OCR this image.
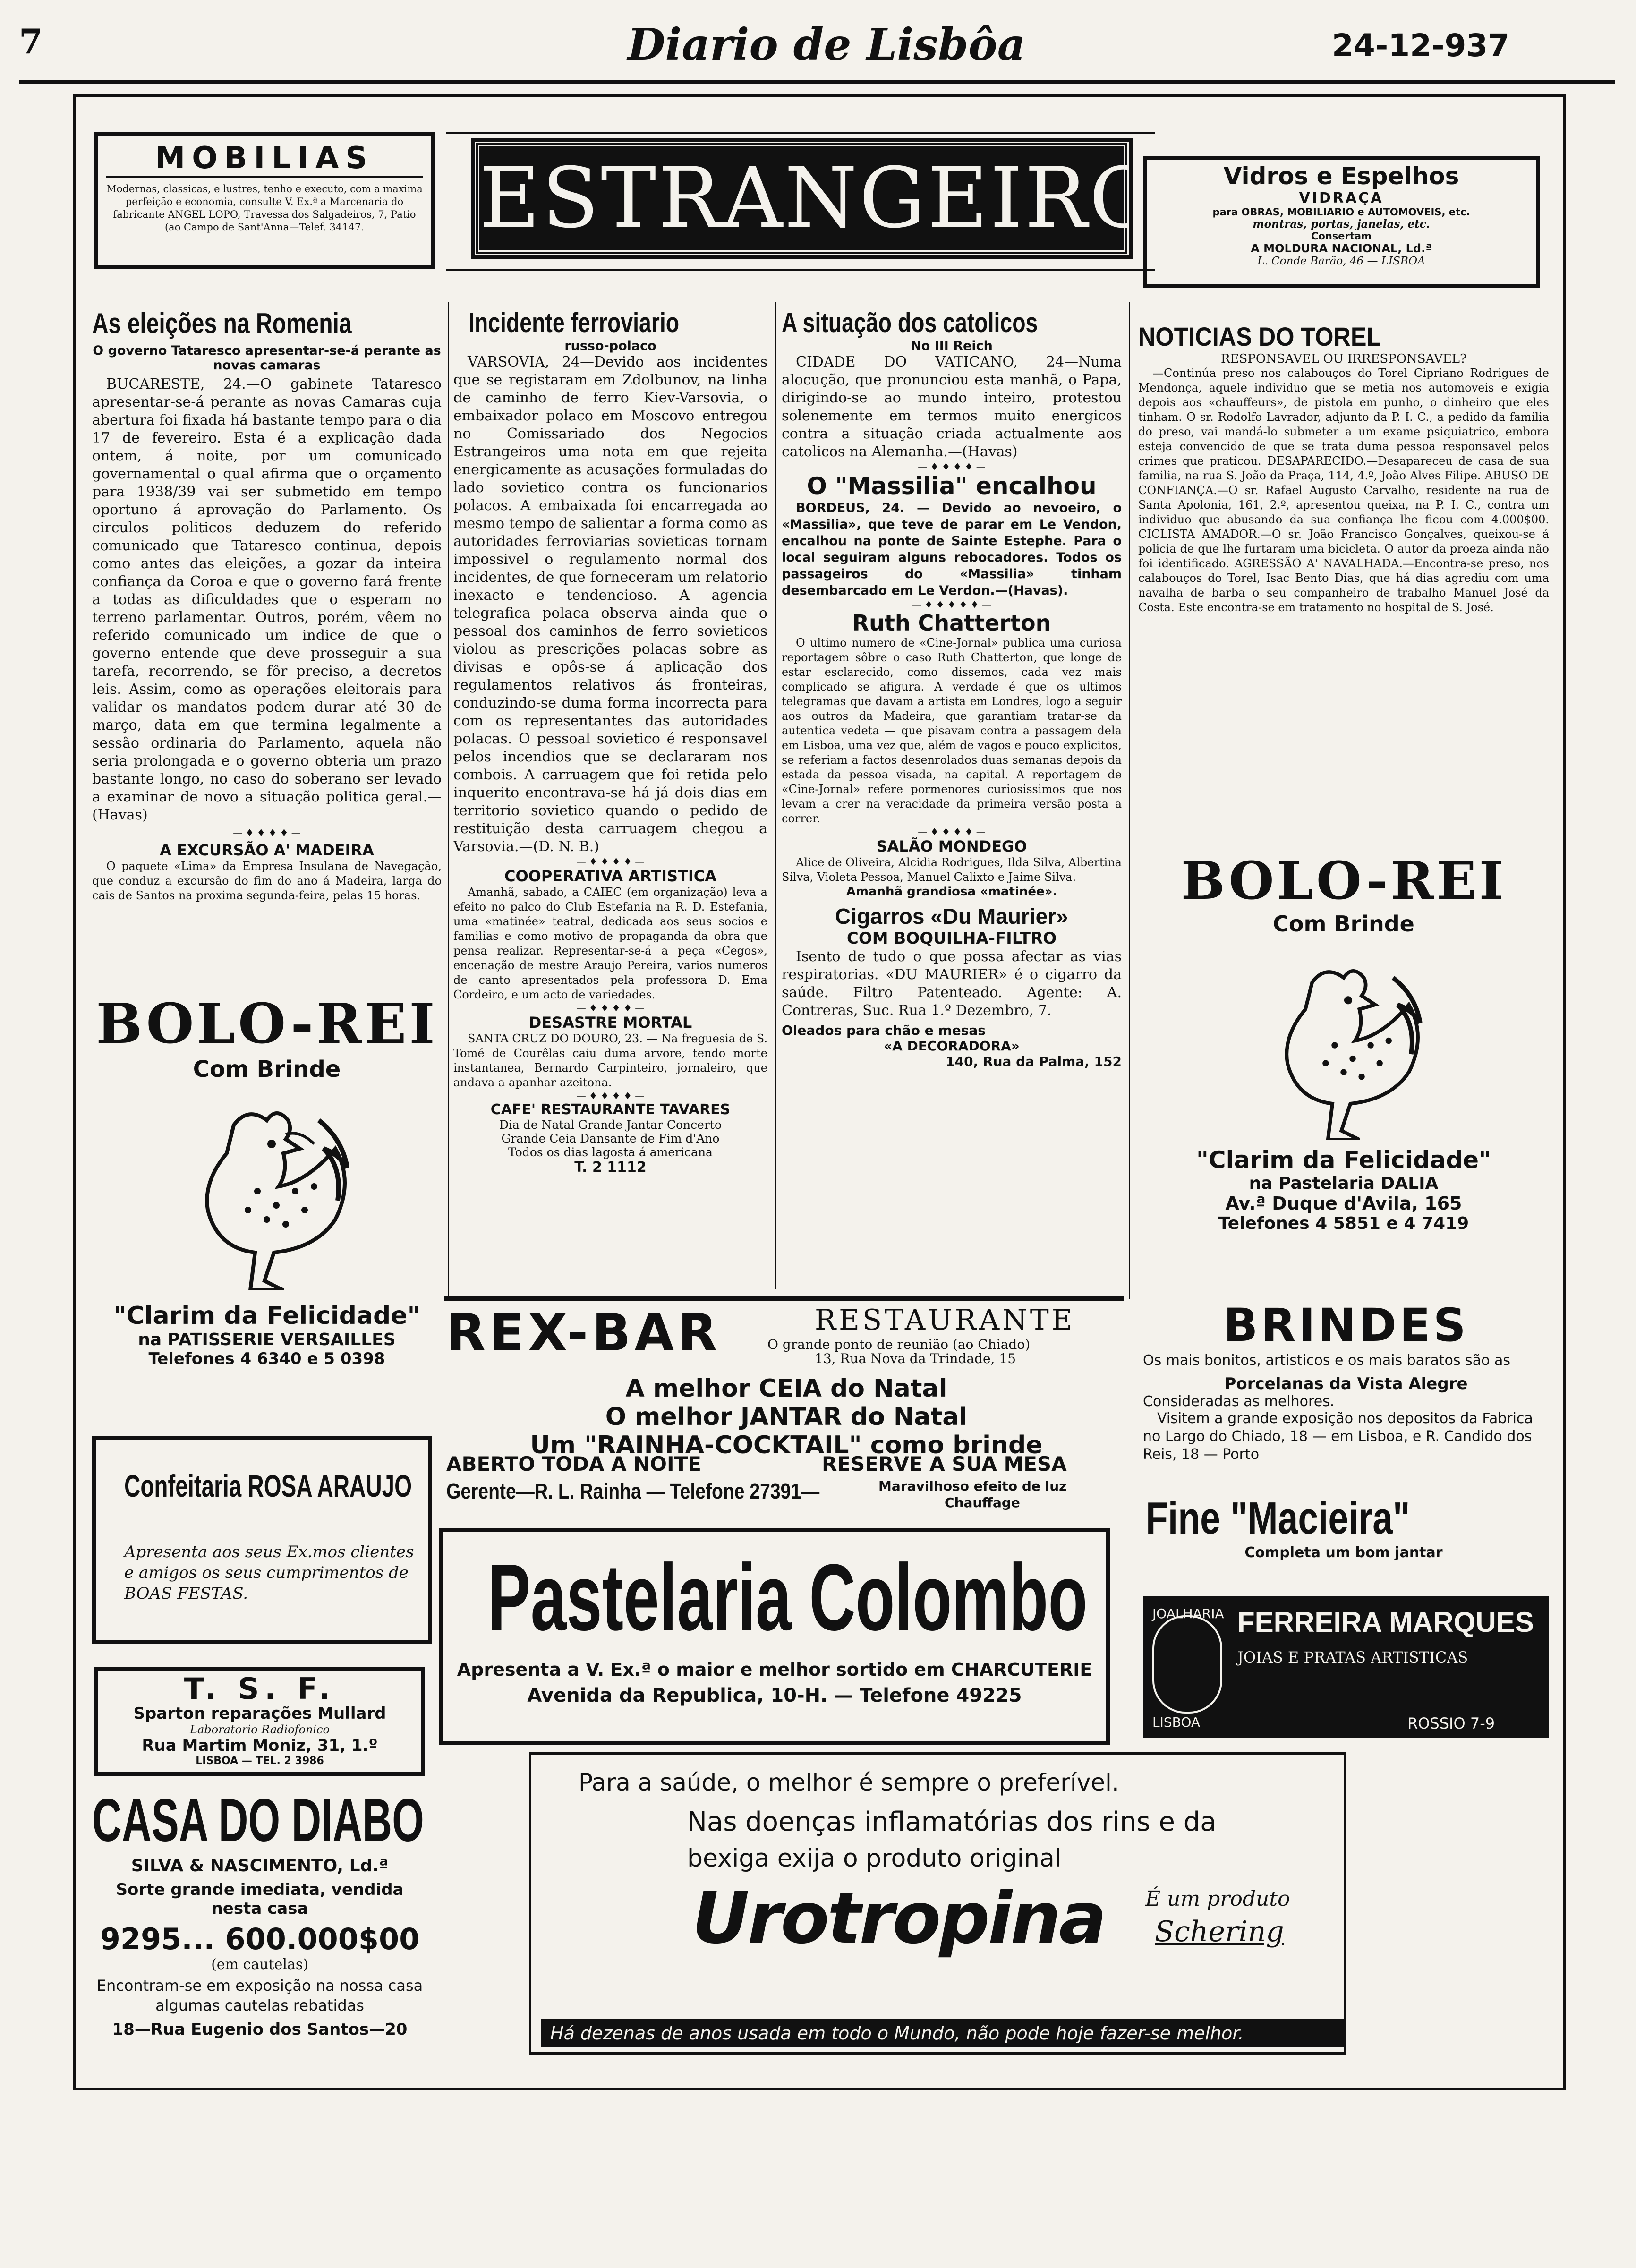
7	Diario de Lisbôa	24-12-937
MOBILIAS

Modernas, classicas, e lustres, tenho e executo, com a maxima perfeição e economia, consulte V. Ex.ª a Marcenaria do fabricante ANGEL LOPO, Travessa dos Salgadeiros, 7, Patio (ao Campo de Sant'Anna—Telef. 34147.	ESTRANGEIRO	Vidros e Espelhos
VIDRAÇA
para OBRAS, MOBILIARIO e AUTOMOVEIS, etc.
montras, portas, janelas, etc.
Consertam
A MOLDURA NACIONAL, Ld.ª
L. Conde Barão, 46 — LISBOA
As eleições na Romenia
O governo Tataresco apresentar-se-á perante as novas camaras

BUCARESTE, 24.—O gabinete Tataresco apresentar-se-á perante as novas Camaras cuja abertura foi fixada há bastante tempo para o dia 17 de fevereiro. Esta é a explicação dada ontem, á noite, por um comunicado governamental o qual afirma que o orçamento para 1938/39 vai ser submetido em tempo oportuno á aprovação do Parlamento. Os circulos politicos deduzem do referido comunicado que Tataresco continua, depois como antes das eleições, a gozar da inteira confiança da Coroa e que o governo fará frente a todas as dificuldades que o esperam no terreno parlamentar. Outros, porém, vêem no referido comunicado um indice de que o governo entende que deve prosseguir a sua tarefa, recorrendo, se fôr preciso, a decretos leis. Assim, como as operações eleitorais para validar os mandatos podem durar até 30 de março, data em que termina legalmente a sessão ordinaria do Parlamento, aquela não seria prolongada e o governo obteria um prazo bastante longo, no caso do soberano ser levado a examinar de novo a situação politica geral.—(Havas)

— ♦ ♦ ♦ ♦ —
A EXCURSÃO A' MADEIRA

O paquete «Lima» da Empresa Insulana de Navegação, que conduz a excursão do fim do ano á Madeira, larga do cais de Santos na proxima segunda-feira, pelas 15 horas.

BOLO-REI
Com Brinde
"Clarim da Felicidade"
na PATISSERIE VERSAILLES
Telefones 4 6340 e 5 0398
Incidente ferroviario
russo-polaco

VARSOVIA, 24—Devido aos incidentes que se registaram em Zdolbunov, na linha de caminho de ferro Kiev-Varsovia, o embaixador polaco em Moscovo entregou no Comissariado dos Negocios Estrangeiros uma nota em que rejeita energicamente as acusações formuladas do lado sovietico contra os funcionarios polacos. A embaixada foi encarregada ao mesmo tempo de salientar a forma como as autoridades ferroviarias sovieticas tornam impossivel o regulamento normal dos incidentes, de que forneceram um relatorio inexacto e tendencioso. A agencia telegrafica polaca observa ainda que o pessoal dos caminhos de ferro sovieticos violou as prescrições polacas sobre as divisas e opôs-se á aplicação dos regulamentos relativos ás fronteiras, conduzindo-se duma forma incorrecta para com os representantes das autoridades polacas. O pessoal sovietico é responsavel pelos incendios que se declararam nos combois. A carruagem que foi retida pelo inquerito encontrava-se há já dois dias em territorio sovietico quando o pedido de restituição desta carruagem chegou a Varsovia.—(D. N. B.)

— ♦ ♦ ♦ ♦ —
COOPERATIVA ARTISTICA

Amanhã, sabado, a CAIEC (em organização) leva a efeito no palco do Club Estefania na R. D. Estefania, uma «matinée» teatral, dedicada aos seus socios e familias e como motivo de propaganda da obra que pensa realizar. Representar-se-á a peça «Cegos», encenação de mestre Araujo Pereira, varios numeros de canto apresentados pela professora D. Ema Cordeiro, e um acto de variedades.

— ♦ ♦ ♦ ♦ —
DESASTRE MORTAL

SANTA CRUZ DO DOURO, 23. — Na freguesia de S. Tomé de Courêlas caiu duma arvore, tendo morte instantanea, Bernardo Carpinteiro, jornaleiro, que andava a apanhar azeitona.

— ♦ ♦ ♦ ♦ —
CAFE' RESTAURANTE TAVARES
Dia de Natal Grande Jantar Concerto
Grande Ceia Dansante de Fim d'Ano
Todos os dias lagosta á americana
T. 2 1112
A situação dos catolicos
No III Reich

CIDADE DO VATICANO, 24—Numa alocução, que pronunciou esta manhã, o Papa, dirigindo-se ao mundo inteiro, protestou solenemente em termos muito energicos contra a situação criada actualmente aos catolicos na Alemanha.—(Havas)

— ♦ ♦ ♦ ♦ —
O "Massilia" encalhou

BORDEUS, 24. — Devido ao nevoeiro, o «Massilia», que teve de parar em Le Vendon, encalhou na ponte de Sainte Estephe. Para o local seguiram alguns rebocadores. Todos os passageiros do «Massilia» tinham desembarcado em Le Verdon.—(Havas).

— ♦ ♦ ♦ ♦ ♦ —
Ruth Chatterton

O ultimo numero de «Cine-Jornal» publica uma curiosa reportagem sôbre o caso Ruth Chatterton, que longe de estar esclarecido, como dissemos, cada vez mais complicado se afigura. A verdade é que os ultimos telegramas que davam a artista em Londres, logo a seguir aos outros da Madeira, que garantiam tratar-se da autentica vedeta — que pisavam contra a passagem dela em Lisboa, uma vez que, além de vagos e pouco explicitos, se referiam a factos desenrolados duas semanas depois da estada da pessoa visada, na capital. A reportagem de «Cine-Jornal» refere pormenores curiosissimos que nos levam a crer na veracidade da primeira versão posta a correr.

— ♦ ♦ ♦ ♦ —
SALÃO MONDEGO

Alice de Oliveira, Alcidia Rodrigues, Ilda Silva, Albertina Silva, Violeta Pessoa, Manuel Calixto e Jaime Silva.

Amanhã grandiosa «matinée».
Cigarros «Du Maurier»
COM BOQUILHA-FILTRO

Isento de tudo o que possa afectar as vias respiratorias. «DU MAURIER» é o cigarro da saúde. Filtro Patenteado. Agente: A. Contreras, Suc. Rua 1.º Dezembro, 7.

Oleados para chão e mesas
«A DECORADORA»
140, Rua da Palma, 152
NOTICIAS DO TOREL
RESPONSAVEL OU IRRESPONSAVEL?

—Continúa preso nos calabouços do Torel Cipriano Rodrigues de Mendonça, aquele individuo que se metia nos automoveis e exigia depois aos «chauffeurs», de pistola em punho, o dinheiro que eles tinham. O sr. Rodolfo Lavrador, adjunto da P. I. C., a pedido da familia do preso, vai mandá-lo submeter a um exame psiquiatrico, embora esteja convencido de que se trata duma pessoa responsavel pelos crimes que praticou. DESAPARECIDO.—Desapareceu de casa de sua familia, na rua S. João da Praça, 114, 4.º, João Alves Filipe. ABUSO DE CONFIANÇA.—O sr. Rafael Augusto Carvalho, residente na rua de Santa Apolonia, 161, 2.º, apresentou queixa, na P. I. C., contra um individuo que abusando da sua confiança lhe ficou com 4.000$00. CICLISTA AMADOR.—O sr. João Francisco Gonçalves, queixou-se á policia de que lhe furtaram uma bicicleta. O autor da proeza ainda não foi identificado. AGRESSÃO A' NAVALHADA.—Encontra-se preso, nos calabouços do Torel, Isac Bento Dias, que há dias agrediu com uma navalha de barba o seu companheiro de trabalho Manuel José da Costa. Este encontra-se em tratamento no hospital de S. José.

BOLO-REI
Com Brinde
"Clarim da Felicidade"
na Pastelaria DALIA
Av.ª Duque d'Avila, 165
Telefones 4 5851 e 4 7419
BRINDES

Os mais bonitos, artisticos e os mais baratos são as

Porcelanas da Vista Alegre
Consideradas as melhores.

Visitem a grande exposição nos depositos da Fabrica no Largo do Chiado, 18 — em Lisboa, e R. Candido dos Reis, 18 — Porto

Fine "Macieira"
Completa um bom jantar
JOALHARIA FERREIRA MARQUES
JOIAS E PRATAS ARTISTICAS
LISBOA	ROSSIO 7-9
REX-BAR	RESTAURANTE
O grande ponto de reunião (ao Chiado)
13, Rua Nova da Trindade, 15
A melhor CEIA do Natal
O melhor JANTAR do Natal
Um "RAINHA-COCKTAIL" como brinde
ABERTO TODA A NOITE	RESERVE A SUA MESA
Gerente—R. L. Rainha — Telefone 27391—	Maravilhoso efeito de luz
Chauffage
Pastelaria Colombo
Apresenta a V. Ex.ª o maior e melhor sortido em CHARCUTERIE
Avenida da Republica, 10-H. — Telefone 49225
Confeitaria ROSA ARAUJO

Apresenta aos seus Ex.mos clientes e amigos os seus cumprimentos de BOAS FESTAS.

T. S. F.
Sparton reparações Mullard
Laboratorio Radiofonico
Rua Martim Moniz, 31, 1.º
LISBOA — TEL. 2 3986
CASA DO DIABO
SILVA & NASCIMENTO, Ld.ª

Sorte grande imediata, vendida nesta casa

9295... 600.000$00
(em cautelas)

Encontram-se em exposição na nossa casa algumas cautelas rebatidas

18—Rua Eugenio dos Santos—20
Para a saúde, o melhor é sempre o preferível.
Nas doenças inflamatórias dos rins e da
bexiga exija o produto original
Urotropina É um produto
Schering
Há dezenas de anos usada em todo o Mundo, não pode hoje fazer-se melhor.
